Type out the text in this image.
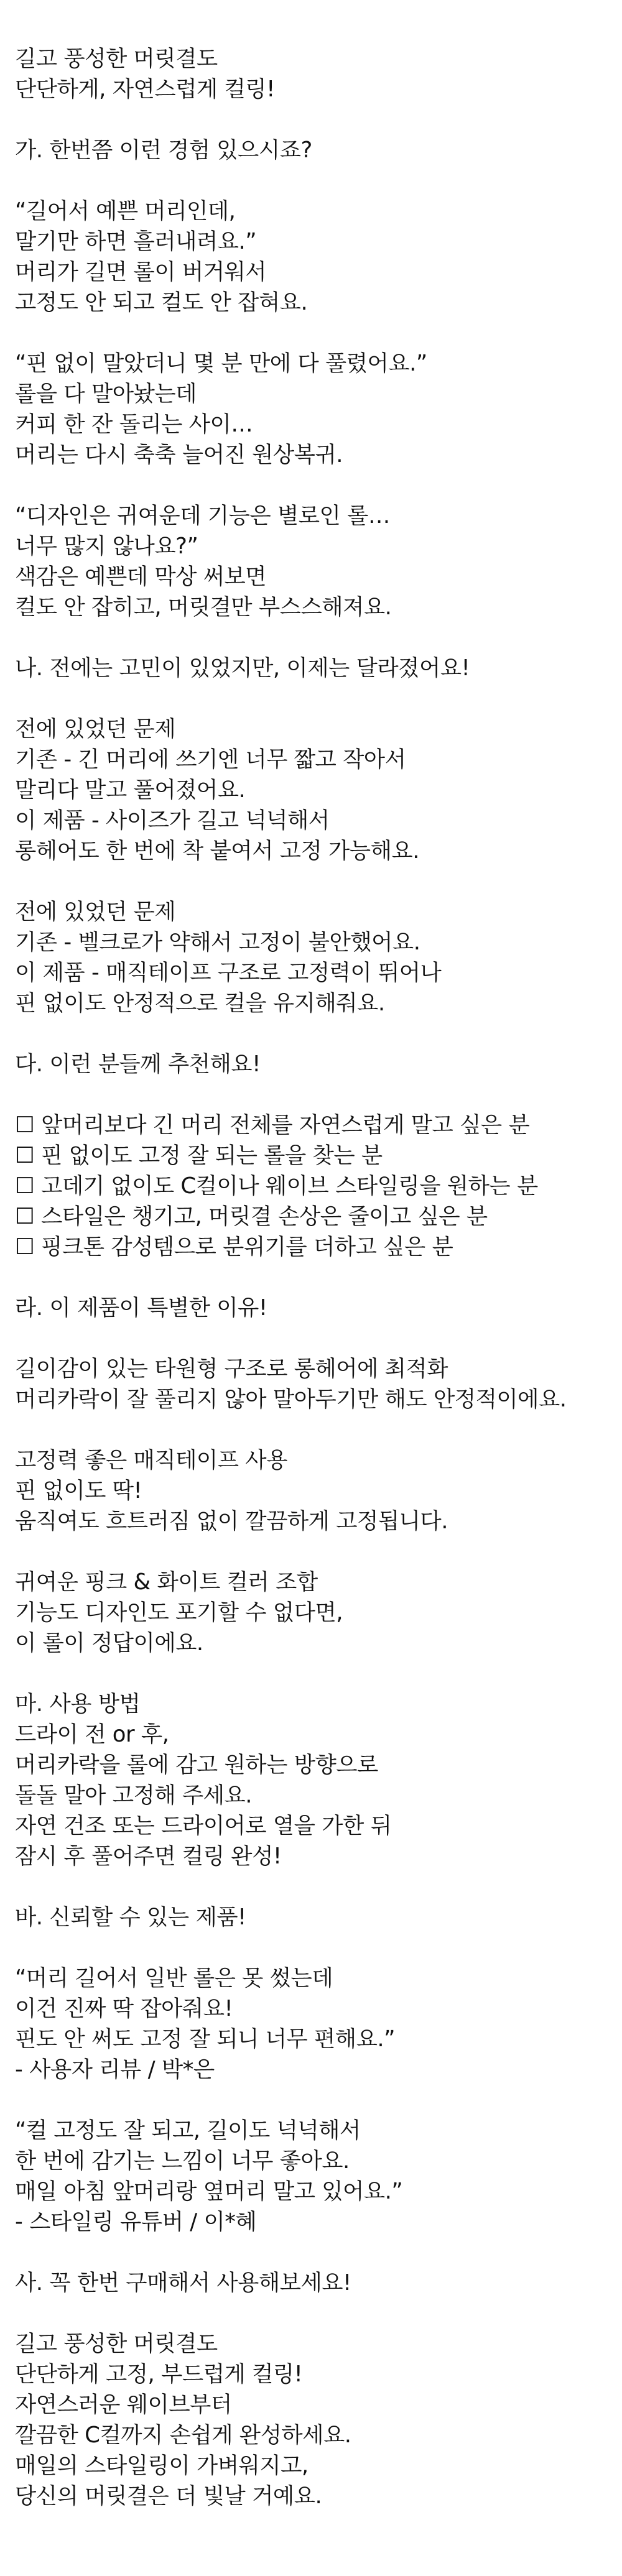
길고 풍성한 머릿결도
단단하게, 자연스럽게 컬링!
가. 한번쯤 이런 경험 있으시죠?
“길어서 예쁜 머리인데,
말기만 하면 흘러내려요.”
머리가 길면 롤이 버거워서
고정도 안 되고 컬도 안 잡혀요.
“핀 없이 말았더니 몇 분 만에 다 풀렸어요.”
롤을 다 말아놨는데
커피 한 잔 돌리는 사이…
머리는 다시 축축 늘어진 원상복귀.
“디자인은 귀여운데 기능은 별로인 롤…
너무 많지 않나요?”
색감은 예쁜데 막상 써보면
컬도 안 잡히고, 머릿결만 부스스해져요.
나. 전에는 고민이 있었지만, 이제는 달라졌어요!
전에 있었던 문제
기존 - 긴 머리에 쓰기엔 너무 짧고 작아서
말리다 말고 풀어졌어요.
이 제품 - 사이즈가 길고 넉넉해서
롱헤어도 한 번에 착 붙여서 고정 가능해요.
전에 있었던 문제
기존 - 벨크로가 약해서 고정이 불안했어요.
이 제품 - 매직테이프 구조로 고정력이 뛰어나
핀 없이도 안정적으로 컬을 유지해줘요.
다. 이런 분들께 추천해요!
☐ 앞머리보다 긴 머리 전체를 자연스럽게 말고 싶은 분
☐ 핀 없이도 고정 잘 되는 롤을 찾는 분
☐ 고데기 없이도 C컬이나 웨이브 스타일링을 원하는 분
☐ 스타일은 챙기고, 머릿결 손상은 줄이고 싶은 분
☐ 핑크톤 감성템으로 분위기를 더하고 싶은 분
라. 이 제품이 특별한 이유!
길이감이 있는 타원형 구조로 롱헤어에 최적화
머리카락이 잘 풀리지 않아 말아두기만 해도 안정적이에요.
고정력 좋은 매직테이프 사용
핀 없이도 딱!
움직여도 흐트러짐 없이 깔끔하게 고정됩니다.
귀여운 핑크 & 화이트 컬러 조합
기능도 디자인도 포기할 수 없다면,
이 롤이 정답이에요.
마. 사용 방법
드라이 전 or 후,
머리카락을 롤에 감고 원하는 방향으로
돌돌 말아 고정해 주세요.
자연 건조 또는 드라이어로 열을 가한 뒤
잠시 후 풀어주면 컬링 완성!
바. 신뢰할 수 있는 제품!
“머리 길어서 일반 롤은 못 썼는데
이건 진짜 딱 잡아줘요!
핀도 안 써도 고정 잘 되니 너무 편해요.”
- 사용자 리뷰 / 박*은
“컬 고정도 잘 되고, 길이도 넉넉해서
한 번에 감기는 느낌이 너무 좋아요.
매일 아침 앞머리랑 옆머리 말고 있어요.”
- 스타일링 유튜버 / 이*혜
사. 꼭 한번 구매해서 사용해보세요!
길고 풍성한 머릿결도
단단하게 고정, 부드럽게 컬링!
자연스러운 웨이브부터
깔끔한 C컬까지 손쉽게 완성하세요.
매일의 스타일링이 가벼워지고,
당신의 머릿결은 더 빛날 거예요.
